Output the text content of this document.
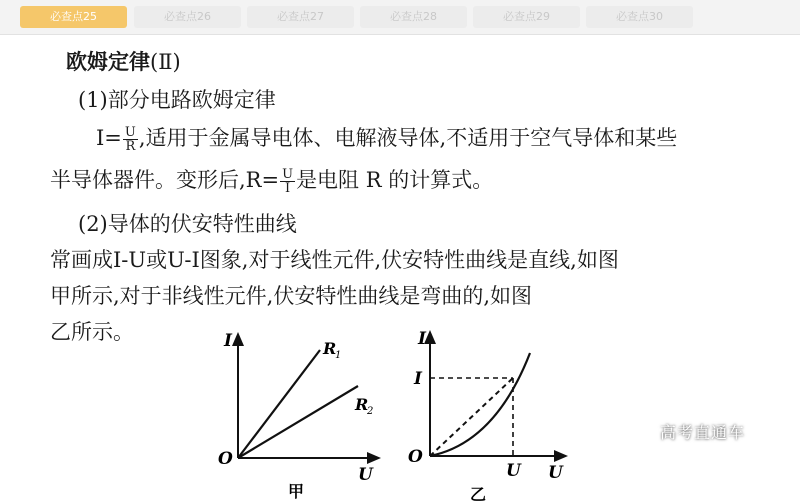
必查点25	必查点26	必查点27	必查点28	必查点29	必查点30
欧姆定律(Ⅱ)
(1)部分电路欧姆定律
$I= \frac{U}{R}$ ,适用于金属导电体、电解液导体,不适用于空气导体和某些
半导体器件。变形后$,R= \frac{U}{I}$ 是电阻 R 的计算式。
(2)导体的伏安特性曲线
常画成I-U或U-I图象,对于线性元件,伏安特性曲线是直线,如图
甲所示,对于非线性元件,伏安特性曲线是弯曲的,如图
乙所示。	I
U
O
R
1
R
2
甲
I
U
O
I
U
乙
高考直通车
